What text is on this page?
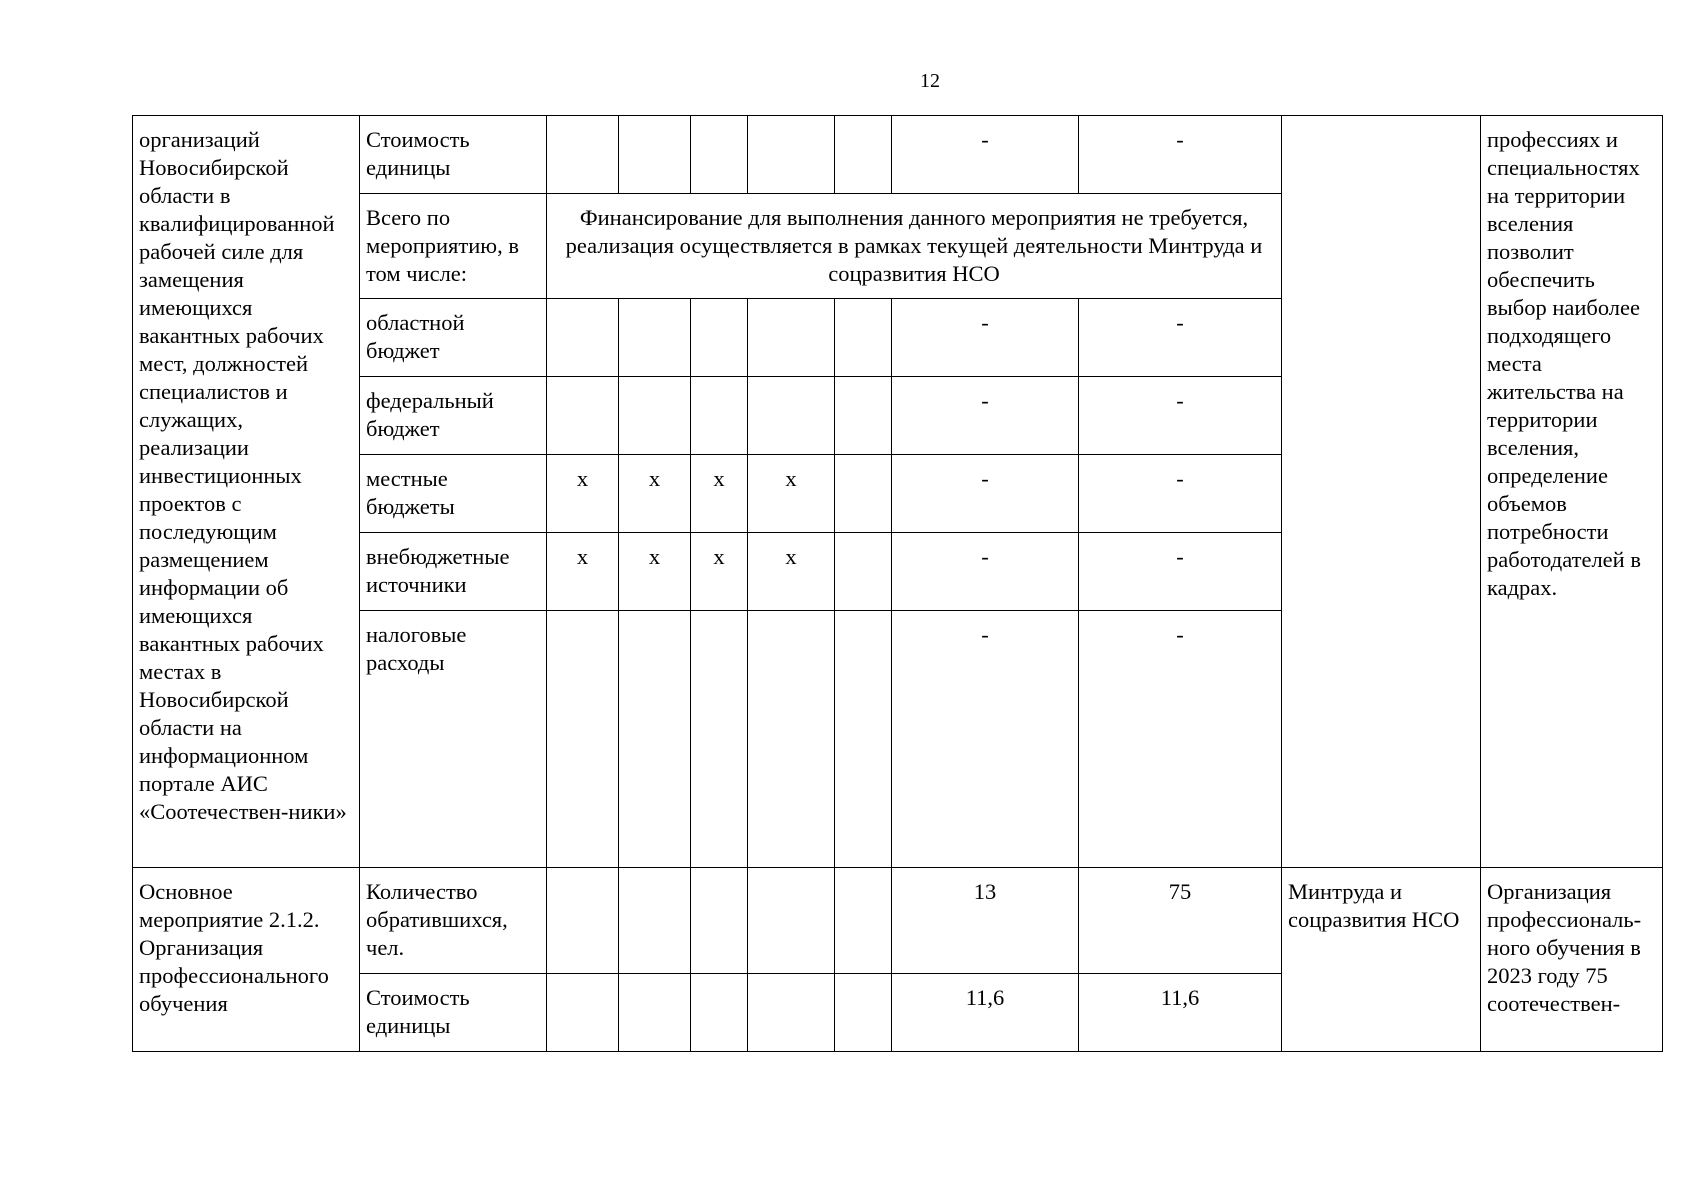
12
организаций Новосибирской области в квалифицированной рабочей силе для замещения имеющихся вакантных рабочих мест, должностей специалистов и служащих, реализации инвестиционных проектов с последующим размещением информации об имеющихся вакантных рабочих местах в Новосибирской области на информационном портале АИС «Соотечествен-ники»	Стоимость единицы						-	-		профессиях и специальностях на территории вселения позволит обеспечить выбор наиболее подходящего места жительства на территории вселения, определение объемов потребности работодателей в кадрах.
	Всего по мероприятию, в том числе:	Финансирование для выполнения данного мероприятия не требуется, реализация осуществляется в рамках текущей деятельности Минтруда и соцразвития НСО								
	областной бюджет						-	-		
	федеральный бюджет						-	-		
	местные бюджеты	x	x	x	x		-	-		
	внебюджетные источники	x	x	x	x		-	-		
	налоговые расходы						-	-		
Основное мероприятие 2.1.2. Организация профессионального обучения	Количество обратившихся, чел.						13	75	Минтруда и соцразвития НСО	Организация профессиональ-ного обучения в 2023 году 75 соотечествен-
	Стоимость единицы						11,6	11,6		
